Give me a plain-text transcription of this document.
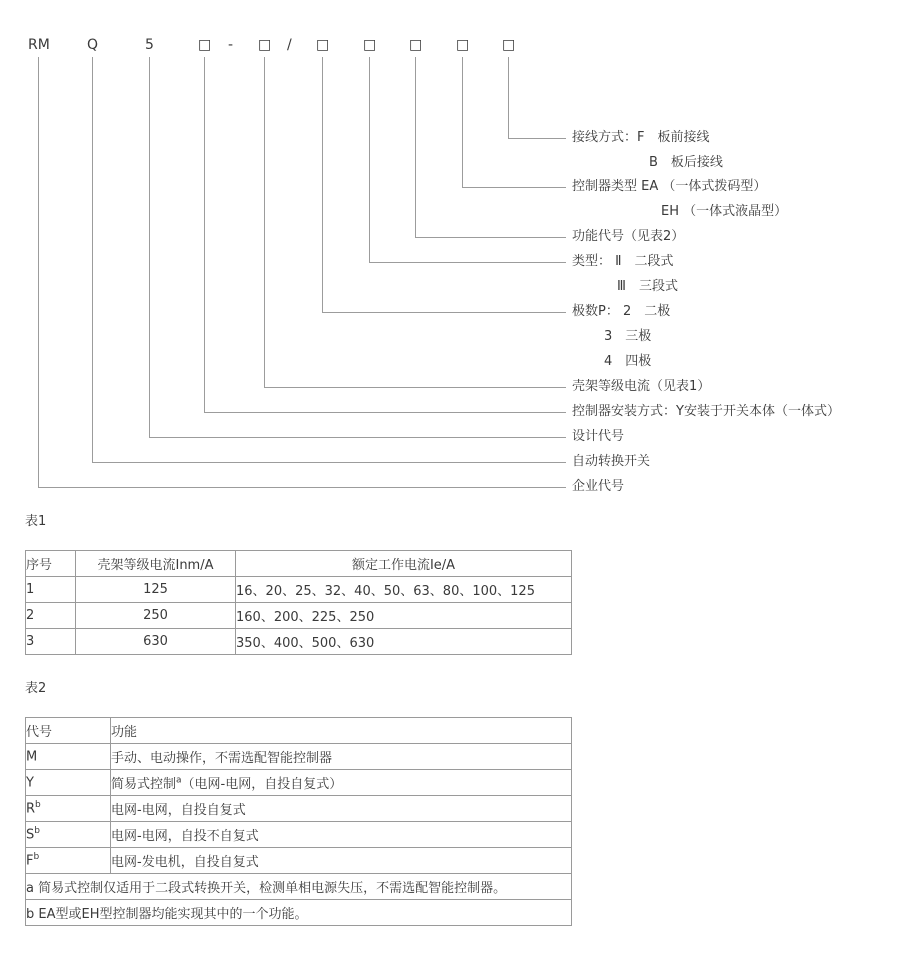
RM	Q	5	□ - □ / □ □ □ □ □
接线方式：F　板前接线
B　板后接线
控制器类型 EA （一体式拨码型）
EH （一体式液晶型）
功能代号（见表2）
类型： Ⅱ　二段式
Ⅲ　三段式
极数P： 2　二极
3　三极
4　四极
壳架等级电流（见表1）
控制器安装方式：Y安装于开关本体（一体式）
设计代号
自动转换开关
企业代号
表1
序号	壳架等级电流Inm/A	额定工作电流Ie/A
1	125	16、20、25、32、40、50、63、80、100、125
2	250	160、200、225、250
3	630	350、400、500、630
表2
代号	功能
M	手动、电动操作，不需选配智能控制器
Y	简易式控制$^a$（电网-电网，自投自复式）
$R^b$	电网-电网，自投自复式
$S^b$	电网-电网，自投不自复式
$F^b$	电网-发电机，自投自复式
a 简易式控制仅适用于二段式转换开关，检测单相电源失压，不需选配智能控制器。	
b EA型或EH型控制器均能实现其中的一个功能。	
